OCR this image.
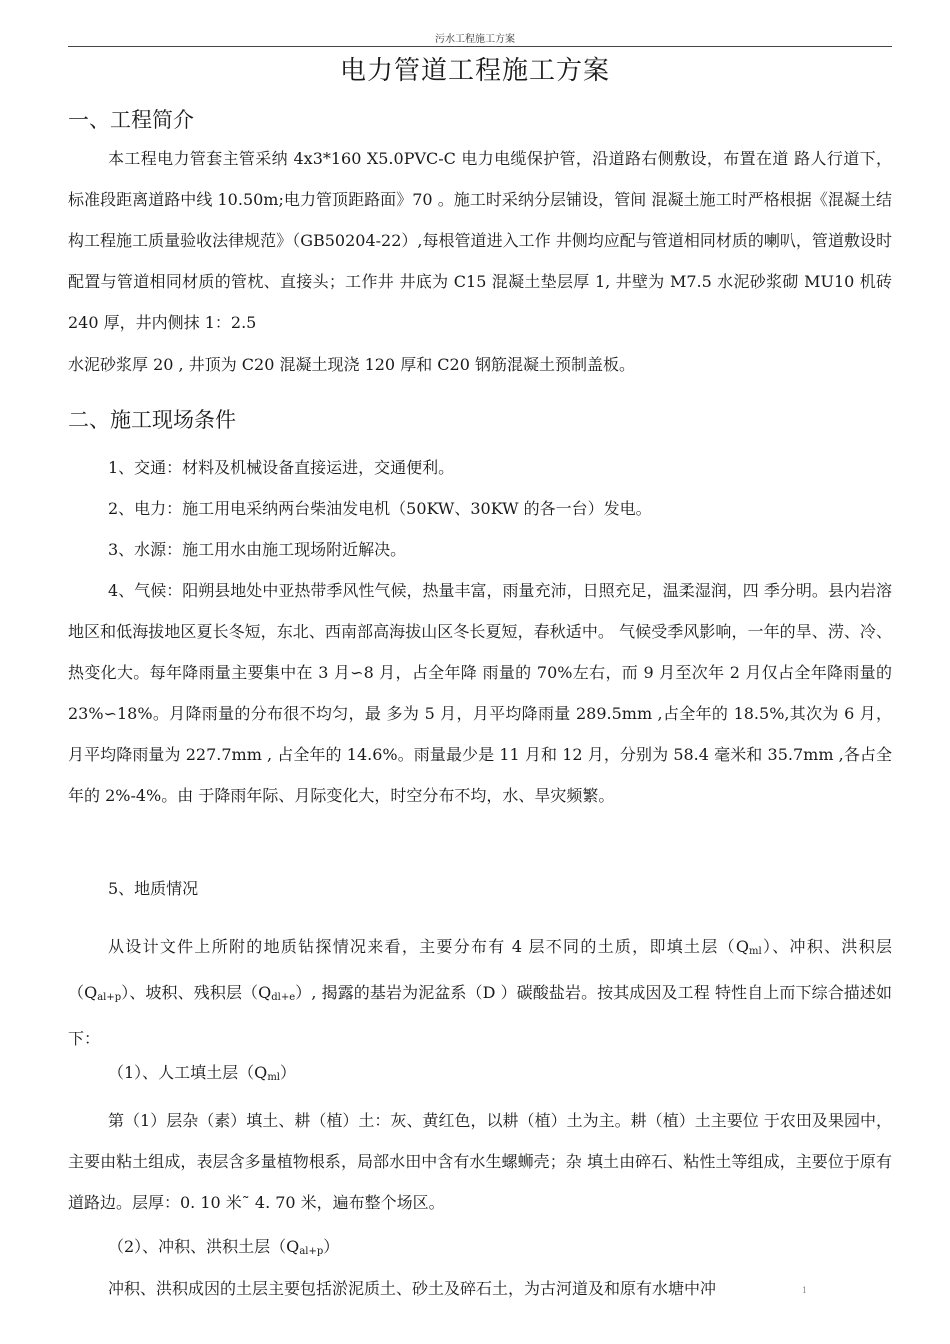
污水工程施工方案
电力管道工程施工方案
一、工程简介
本工程电力管套主管采纳 4x3*160 X5.0PVC-C 电力电缆保护管，沿道路右侧敷设，布置在道 路人行道下，标准段距离道路中线 10.50m;电力管顶距路面》70 。施工时采纳分层铺设，管间 混凝土施工时严格根据《混凝土结构工程施工质量验收法律规范》（GB50204-22）,每根管道进入工作 井侧均应配与管道相同材质的喇叭，管道敷设时配置与管道相同材质的管枕、直接头；工作井 井底为 C15 混凝土垫层厚 1, 井壁为 M7.5 水泥砂浆砌 MU10 机砖 240 厚，井内侧抹 1：2.5
水泥砂浆厚 20 , 井顶为 C20 混凝土现浇 120 厚和 C20 钢筋混凝土预制盖板。
二、施工现场条件
1、交通：材料及机械设备直接运进，交通便利。
2、电力：施工用电采纳两台柴油发电机（50KW、30KW 的各一台）发电。
3、水源：施工用水由施工现场附近解决。
4、气候：阳朔县地处中亚热带季风性气候，热量丰富，雨量充沛，日照充足，温柔湿润，四 季分明。县内岩溶地区和低海拔地区夏长冬短，东北、西南部高海拔山区冬长夏短，春秋适中。 气候受季风影响，一年的旱、涝、冷、热变化大。每年降雨量主要集中在 3 月∽8 月，占全年降 雨量的 70%左右，而 9 月至次年 2 月仅占全年降雨量的 23%∽18%。月降雨量的分布很不均匀，最 多为 5 月，月平均降雨量 289.5mm ,占全年的 18.5%,其次为 6 月，月平均降雨量为 227.7mm , 占全年的 14.6%。雨量最少是 11 月和 12 月，分别为 58.4 毫米和 35.7mm ,各占全年的 2%-4%。由 于降雨年际、月际变化大，时空分布不均，水、旱灾频繁。
5、地质情况
从设计文件上所附的地质钻探情况来看，主要分布有 4 层不同的土质，即填土层$(Q_{ml})$、冲积、洪积层$(Q_{al+p})$、坡积、残积层$(Q_{dl+e})$, 揭露的基岩为泥盆系（D ）碳酸盐岩。按其成因及工程 特性自上而下综合描述如下：
（1）、人工填土层$(Q_{ml})$
第（1）层杂（素）填土、耕（植）土：灰、黄红色，以耕（植）土为主。耕（植）土主要位 于农田及果园中，主要由粘土组成，表层含多量植物根系，局部水田中含有水生螺蛳壳；杂 填土由碎石、粘性土等组成，主要位于原有道路边。层厚：0. 10 米˜ 4. 70 米，遍布整个场区。
（2）、冲积、洪积土层$(Q_{al+p})$
冲积、洪积成因的土层主要包括淤泥质土、砂土及碎石土，为古河道及和原有水塘中冲	1
